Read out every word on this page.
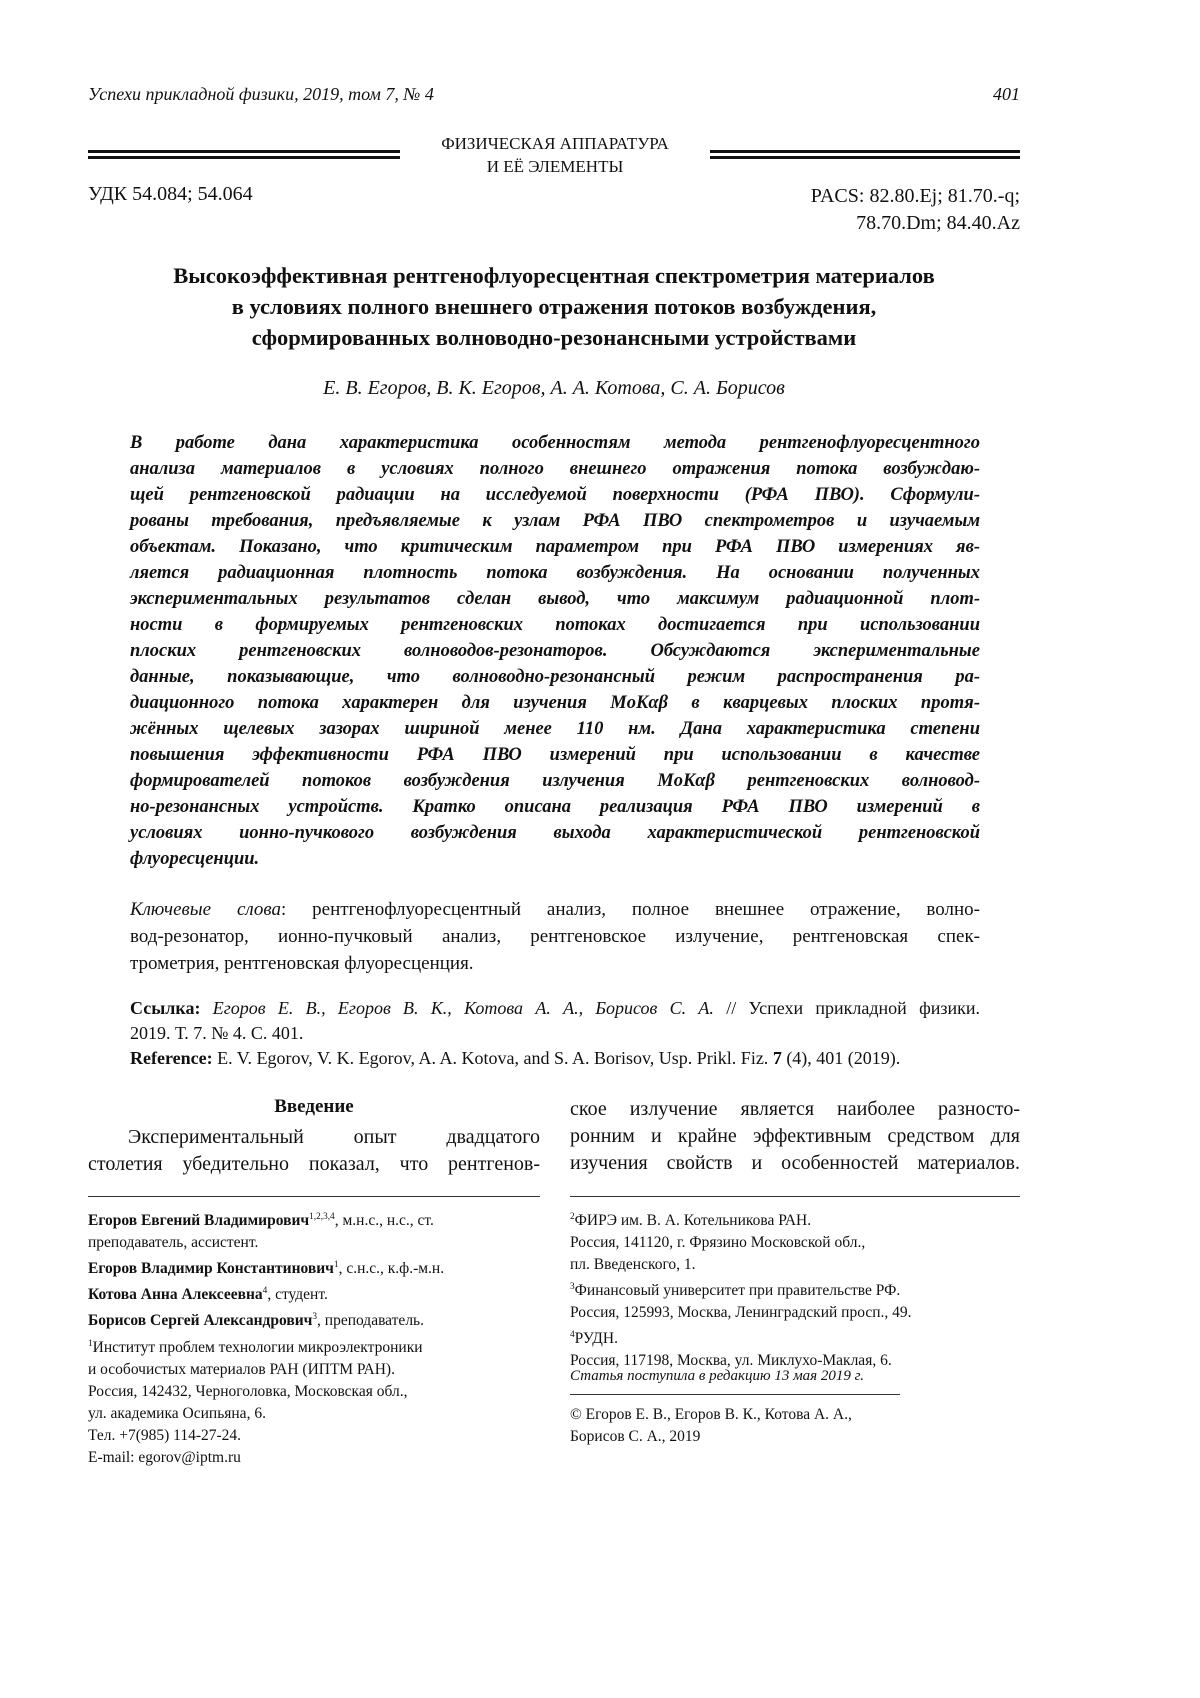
Успехи прикладной физики, 2019, том 7, № 4	401
ФИЗИЧЕСКАЯ АППАРАТУРА
И ЕЁ ЭЛЕМЕНТЫ
УДК 54.084; 54.064	PACS: 82.80.Ej; 81.70.-q;
78.70.Dm; 84.40.Az
Высокоэффективная рентгенофлуоресцентная спектрометрия материалов
в условиях полного внешнего отражения потоков возбуждения,
сформированных волноводно-резонансными устройствами
Е. В. Егоров, В. К. Егоров, А. А. Котова, С. А. Борисов
В работе дана характеристика особенностям метода рентгенофлуоресцентного
анализа материалов в условиях полного внешнего отражения потока возбуждаю-
щей рентгеновской радиации на исследуемой поверхности (РФА ПВО). Сформули-
рованы требования, предъявляемые к узлам РФА ПВО спектрометров и изучаемым
объектам. Показано, что критическим параметром при РФА ПВО измерениях яв-
ляется радиационная плотность потока возбуждения. На основании полученных
экспериментальных результатов сделан вывод, что максимум радиационной плот-
ности в формируемых рентгеновских потоках достигается при использовании
плоских рентгеновских волноводов-резонаторов. Обсуждаются экспериментальные
данные, показывающие, что волноводно-резонансный режим распространения ра-
диационного потока характерен для изучения MoKαβ в кварцевых плоских протя-
жённых щелевых зазорах шириной менее 110 нм. Дана характеристика степени
повышения эффективности РФА ПВО измерений при использовании в качестве
формирователей потоков возбуждения излучения MoKαβ рентгеновских волновод-
но-резонансных устройств. Кратко описана реализация РФА ПВО измерений в
условиях ионно-пучкового возбуждения выхода характеристической рентгеновской
флуоресценции.
Ключевые слова: рентгенофлуоресцентный анализ, полное внешнее отражение, волно-
вод-резонатор, ионно-пучковый анализ, рентгеновское излучение, рентгеновская спек-
трометрия, рентгеновская флуоресценция.
Ссылка: Егоров Е. В., Егоров В. К., Котова А. А., Борисов С. А. // Успехи прикладной физики.
2019. Т. 7. № 4. С. 401.
Reference: E. V. Egorov, V. K. Egorov, A. A. Kotova, and S. A. Borisov, Usp. Prikl. Fiz. 7 (4), 401 (2019).
Введение
Экспериментальный опыт двадцатого
столетия убедительно показал, что рентгенов-
ское излучение является наиболее разносто-
ронним и крайне эффективным средством для
изучения свойств и особенностей материалов.
Егоров Евгений Владимирович1,2,3,4, м.н.с., н.с., ст.
преподаватель, ассистент.
Егоров Владимир Константинович1, с.н.с., к.ф.-м.н.
Котова Анна Алексеевна4, студент.
Борисов Сергей Александрович3, преподаватель.
1Институт проблем технологии микроэлектроники
и особочистых материалов РАН (ИПТМ РАН).
Россия, 142432, Черноголовка, Московская обл.,
ул. академика Осипьяна, 6.
Тел. +7(985) 114-27-24.
E-mail: egorov@iptm.ru
2ФИРЭ им. В. А. Котельникова РАН.
Россия, 141120, г. Фрязино Московской обл.,
пл. Введенского, 1.
3Финансовый университет при правительстве РФ.
Россия, 125993, Москва, Ленинградский просп., 49.
4РУДН.
Россия, 117198, Москва, ул. Миклухо-Маклая, 6.
Статья поступила в редакцию 13 мая 2019 г.
© Егоров Е. В., Егоров В. К., Котова А. А.,
Борисов С. А., 2019
